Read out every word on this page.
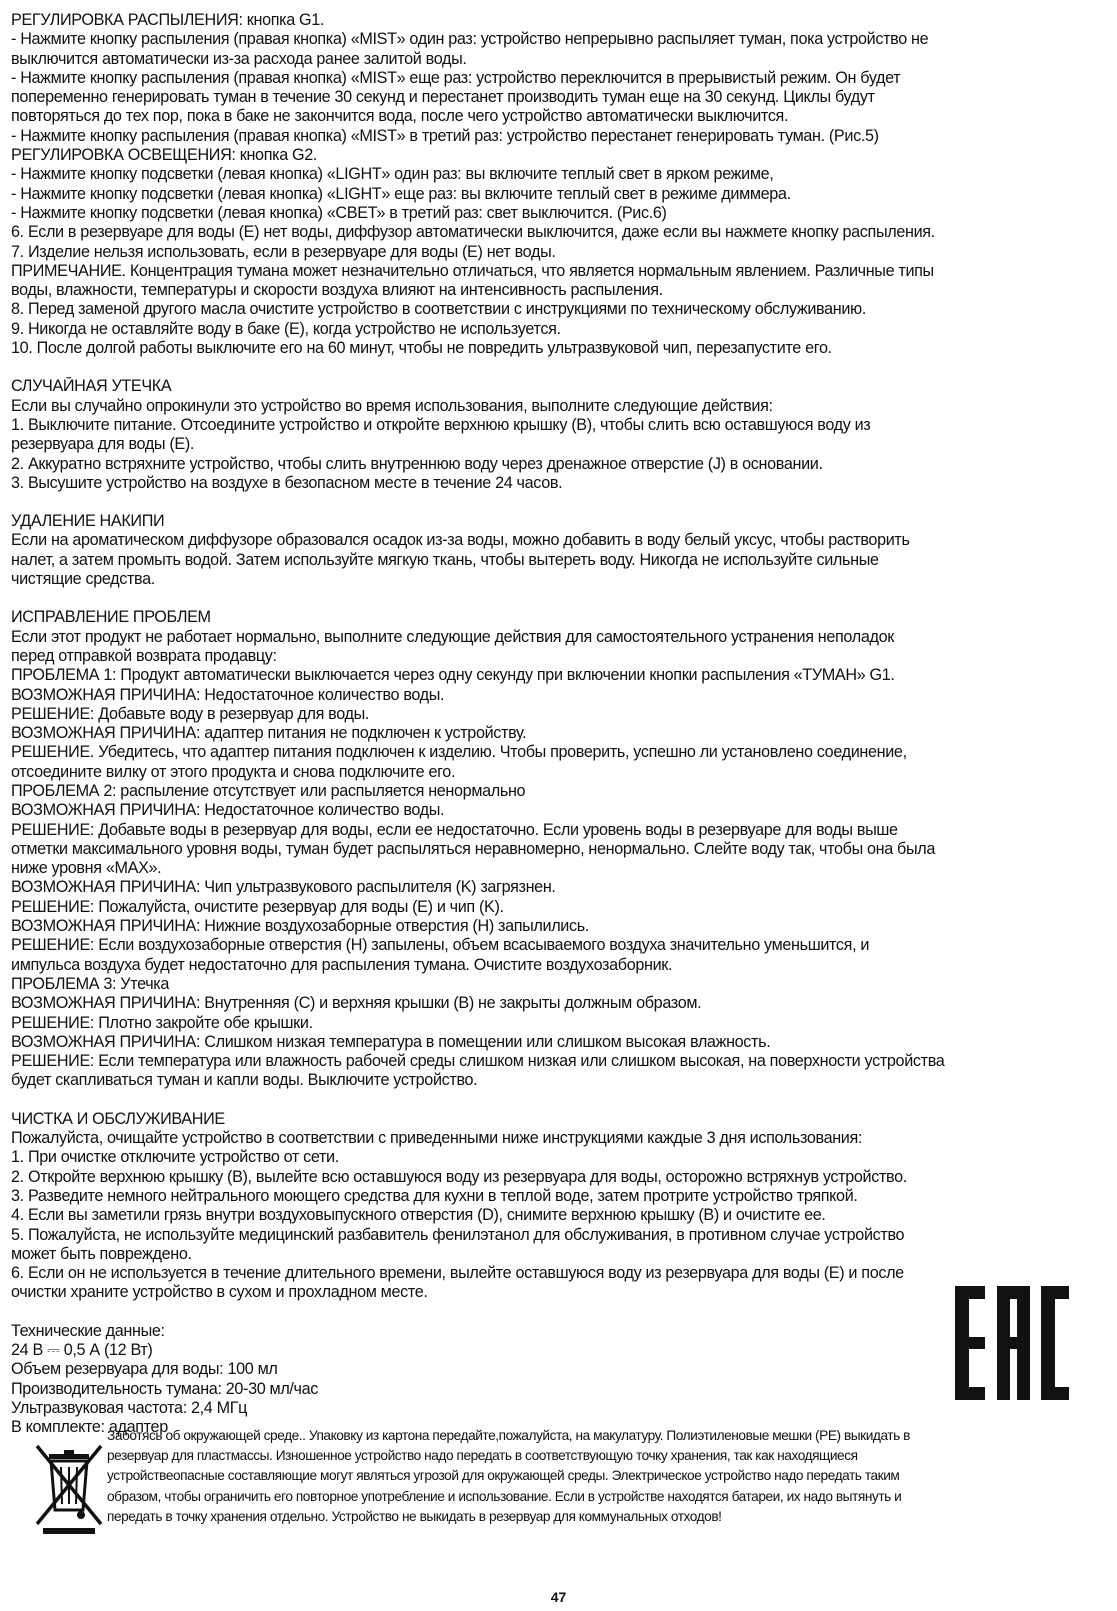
РЕГУЛИРОВКА РАСПЫЛЕНИЯ: кнопка G1.
- Нажмите кнопку распыления (правая кнопка) «MIST» один раз: устройство непрерывно распыляет туман, пока устройство не
выключится автоматически из-за расхода ранее залитой воды.
- Нажмите кнопку распыления (правая кнопка) «MIST» еще раз: устройство переключится в прерывистый режим. Он будет
попеременно генерировать туман в течение 30 секунд и перестанет производить туман еще на 30 секунд. Циклы будут
повторяться до тех пор, пока в баке не закончится вода, после чего устройство автоматически выключится.
- Нажмите кнопку распыления (правая кнопка) «MIST» в третий раз: устройство перестанет генерировать туман. (Рис.5)
РЕГУЛИРОВКА ОСВЕЩЕНИЯ: кнопка G2.
- Нажмите кнопку подсветки (левая кнопка) «LIGHT» один раз: вы включите теплый свет в ярком режиме,
- Нажмите кнопку подсветки (левая кнопка) «LIGHT» еще раз: вы включите теплый свет в режиме диммера.
- Нажмите кнопку подсветки (левая кнопка) «СВЕТ» в третий раз: свет выключится. (Рис.6)
6. Если в резервуаре для воды (E) нет воды, диффузор автоматически выключится, даже если вы нажмете кнопку распыления.
7. Изделие нельзя использовать, если в резервуаре для воды (E) нет воды.
ПРИМЕЧАНИЕ. Концентрация тумана может незначительно отличаться, что является нормальным явлением. Различные типы
воды, влажности, температуры и скорости воздуха влияют на интенсивность распыления.
8. Перед заменой другого масла очистите устройство в соответствии с инструкциями по техническому обслуживанию.
9. Никогда не оставляйте воду в баке (E), когда устройство не используется.
10. После долгой работы выключите его на 60 минут, чтобы не повредить ультразвуковой чип, перезапустите его.
СЛУЧАЙНАЯ УТЕЧКА
Если вы случайно опрокинули это устройство во время использования, выполните следующие действия:
1. Выключите питание. Отсоедините устройство и откройте верхнюю крышку (B), чтобы слить всю оставшуюся воду из
резервуара для воды (E).
2. Аккуратно встряхните устройство, чтобы слить внутреннюю воду через дренажное отверстие (J) в основании.
3. Высушите устройство на воздухе в безопасном месте в течение 24 часов.
УДАЛЕНИЕ НАКИПИ
Если на ароматическом диффузоре образовался осадок из-за воды, можно добавить в воду белый уксус, чтобы растворить
налет, а затем промыть водой. Затем используйте мягкую ткань, чтобы вытереть воду. Никогда не используйте сильные
чистящие средства.
ИСПРАВЛЕНИЕ ПРОБЛЕМ
Если этот продукт не работает нормально, выполните следующие действия для самостоятельного устранения неполадок
перед отправкой возврата продавцу:
ПРОБЛЕМА 1: Продукт автоматически выключается через одну секунду при включении кнопки распыления «ТУМАН» G1.
ВОЗМОЖНАЯ ПРИЧИНА: Недостаточное количество воды.
РЕШЕНИЕ: Добавьте воду в резервуар для воды.
ВОЗМОЖНАЯ ПРИЧИНА: адаптер питания не подключен к устройству.
РЕШЕНИЕ. Убедитесь, что адаптер питания подключен к изделию. Чтобы проверить, успешно ли установлено соединение,
отсоедините вилку от этого продукта и снова подключите его.
ПРОБЛЕМА 2: распыление отсутствует или распыляется ненормально
ВОЗМОЖНАЯ ПРИЧИНА: Недостаточное количество воды.
РЕШЕНИЕ: Добавьте воды в резервуар для воды, если ее недостаточно. Если уровень воды в резервуаре для воды выше
отметки максимального уровня воды, туман будет распыляться неравномерно, ненормально. Слейте воду так, чтобы она была
ниже уровня «MAX».
ВОЗМОЖНАЯ ПРИЧИНА: Чип ультразвукового распылителя (K) загрязнен.
РЕШЕНИЕ: Пожалуйста, очистите резервуар для воды (E) и чип (K).
ВОЗМОЖНАЯ ПРИЧИНА: Нижние воздухозаборные отверстия (H) запылились.
РЕШЕНИЕ: Если воздухозаборные отверстия (H) запылены, объем всасываемого воздуха значительно уменьшится, и
импульса воздуха будет недостаточно для распыления тумана. Очистите воздухозаборник.
ПРОБЛЕМА 3: Утечка
ВОЗМОЖНАЯ ПРИЧИНА: Внутренняя (C) и верхняя крышки (B) не закрыты должным образом.
РЕШЕНИЕ: Плотно закройте обе крышки.
ВОЗМОЖНАЯ ПРИЧИНА: Слишком низкая температура в помещении или слишком высокая влажность.
РЕШЕНИЕ: Если температура или влажность рабочей среды слишком низкая или слишком высокая, на поверхности устройства
будет скапливаться туман и капли воды. Выключите устройство.
ЧИСТКА И ОБСЛУЖИВАНИЕ
Пожалуйста, очищайте устройство в соответствии с приведенными ниже инструкциями каждые 3 дня использования:
1. При очистке отключите устройство от сети.
2. Откройте верхнюю крышку (B), вылейте всю оставшуюся воду из резервуара для воды, осторожно встряхнув устройство.
3. Разведите немного нейтрального моющего средства для кухни в теплой воде, затем протрите устройство тряпкой.
4. Если вы заметили грязь внутри воздуховыпускного отверстия (D), снимите верхнюю крышку (B) и очистите ее.
5. Пожалуйста, не используйте медицинский разбавитель фенилэтанол для обслуживания, в противном случае устройство
может быть повреждено.
6. Если он не используется в течение длительного времени, вылейте оставшуюся воду из резервуара для воды (E) и после
очистки храните устройство в сухом и прохладном месте.
Технические данные:
24 В ⎓ 0,5 А (12 Вт)
Объем резервуара для воды: 100 мл
Производительность тумана: 20-30 мл/час
Ультразвуковая частота: 2,4 МГц
В комплекте: адаптер
Заботясь об окружающей среде.. Упаковку из картона передайте,пожалуйста, на макулатуру. Полиэтиленовые мешки (PE) выкидать в
резервуар для пластмассы. Изношенное устройство надо передать в соответствующую точку хранения, так как находящиеся
устройствеопасные составляющие могут являться угрозой для окружающей среды. Электрическое устройство надо передать таким
образом, чтобы ограничить его повторное употребление и использование. Если в устройстве находятся батареи, их надо вытянуть и
передать в точку хранения отдельно. Устройство не выкидать в резервуар для коммунальных отходов!
47
